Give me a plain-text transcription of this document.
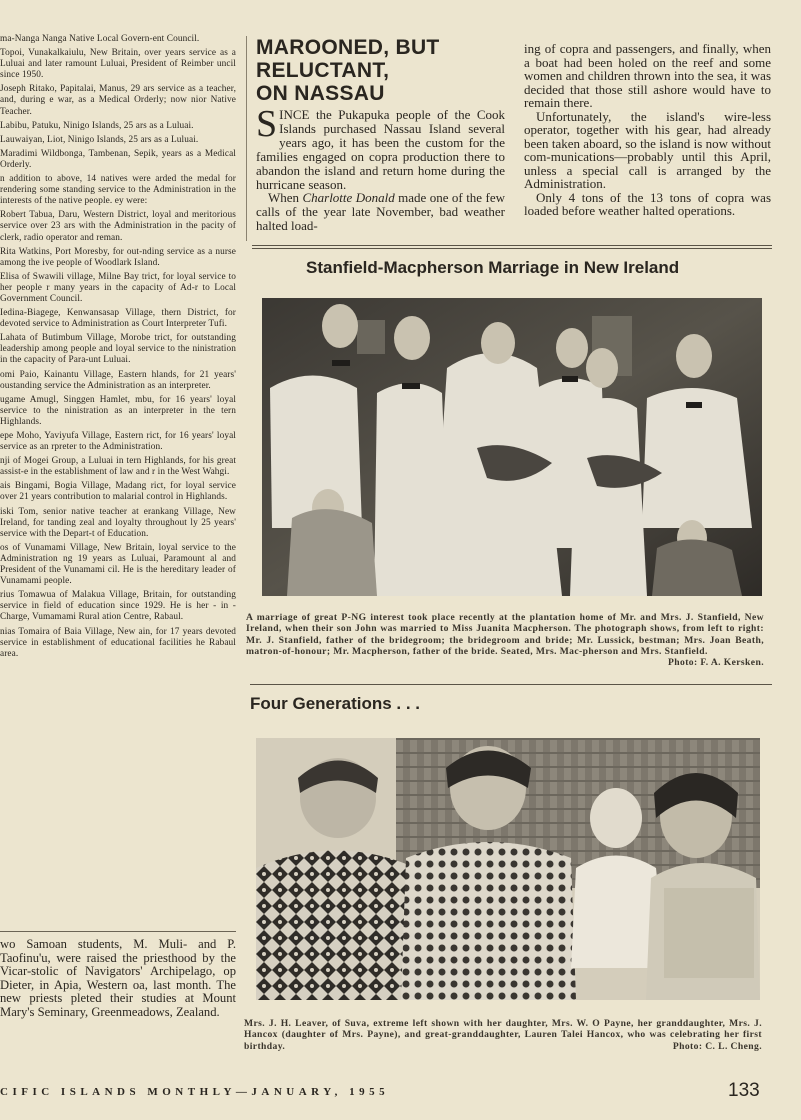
ma-Nanga Nanga Native Local Govern-ent Council.

Topoi, Vunakalkaiulu, New Britain, over years service as a Luluai and later ramount Luluai, President of Reimber uncil since 1950.

Joseph Ritako, Papitalai, Manus, 29 ars service as a teacher, and, during e war, as a Medical Orderly; now nior Native Teacher.

Labibu, Patuku, Ninigo Islands, 25 ars as a Luluai.

Lauwaiyan, Liot, Ninigo Islands, 25 ars as a Luluai.

Maradimi Wildbonga, Tambenan, Sepik, years as a Medical Orderly.

n addition to above, 14 natives were arded the medal for rendering some standing service to the Administration in the interests of the native people. ey were:

Robert Tabua, Daru, Western District, loyal and meritorious service over 23 ars with the Administration in the pacity of clerk, radio operator and reman.

Rita Watkins, Port Moresby, for out-nding service as a nurse among the ive people of Woodlark Island.

Elisa of Swawili village, Milne Bay trict, for loyal service to her people r many years in the capacity of Ad-r to Local Government Council.

Iedina-Biagege, Kenwansasap Village, thern District, for devoted service to Administration as Court Interpreter Tufi.

Lahata of Butimbum Village, Morobe trict, for outstanding leadership among people and loyal service to the ninistration in the capacity of Para-unt Luluai.

omi Paio, Kainantu Village, Eastern hlands, for 21 years' oustanding service the Administration as an interpreter.

ugame Amugl, Singgen Hamlet, mbu, for 16 years' loyal service to the ninistration as an interpreter in the tern Highlands.

epe Moho, Yaviyufa Village, Eastern rict, for 16 years' loyal service as an rpreter to the Administration.

nji of Mogei Group, a Luluai in tern Highlands, for his great assist-e in the establishment of law and r in the West Wahgi.

ais Bingami, Bogia Village, Madang rict, for loyal service over 21 years contribution to malarial control in Highlands.

iski Tom, senior native teacher at erankang Village, New Ireland, for tanding zeal and loyalty throughout ly 25 years' service with the Depart-t of Education.

os of Vunamami Village, New Britain, loyal service to the Administration ng 19 years as Luluai, Paramount al and President of the Vunamami cil. He is the hereditary leader of Vunamami people.

rius Tomawua of Malakua Village, Britain, for outstanding service in field of education since 1929. He is her - in - Charge, Vumamami Rural ation Centre, Rabaul.

nias Tomaira of Baia Village, New ain, for 17 years devoted service in establishment of educational facilities he Rabaul area.

wo Samoan students, M. Muli- and P. Taofinu'u, were raised the priesthood by the Vicar-stolic of Navigators' Archipelago, op Dieter, in Apia, Western oa, last month. The new priests pleted their studies at Mount Mary's Seminary, Greenmeadows, Zealand.

MAROONED, BUT
RELUCTANT,
ON NASSAU

SINCE the Pukapuka people of the Cook Islands purchased Nassau Island several years ago, it has been the custom for the families engaged on copra production there to abandon the island and return home during the hurricane season.

When Charlotte Donald made one of the few calls of the year late November, bad weather halted load-

ing of copra and passengers, and finally, when a boat had been holed on the reef and some women and children thrown into the sea, it was decided that those still ashore would have to remain there.

Unfortunately, the island's wire-less operator, together with his gear, had already been taken aboard, so the island is now without com-munications—probably until this April, unless a special call is arranged by the Administration.

Only 4 tons of the 13 tons of copra was loaded before weather halted operations.

Stanfield-Macpherson Marriage in New Ireland

A marriage of great P-NG interest took place recently at the plantation home of Mr. and Mrs. J. Stanfield, New Ireland, when their son John was married to Miss Juanita Macpherson. The photograph shows, from left to right: Mr. J. Stanfield, father of the bridegroom; the bridegroom and bride; Mr. Lussick, bestman; Mrs. Joan Beath, matron-of-honour; Mr. Macpherson, father of the bride. Seated, Mrs. Mac-pherson and Mrs. Stanfield.
Photo: F. A. Kersken.

Four Generations . . .

Mrs. J. H. Leaver, of Suva, extreme left shown with her daughter, Mrs. W. O Payne, her granddaughter, Mrs. J. Hancox (daughter of Mrs. Payne), and great-granddaughter, Lauren Talei Hancox, who was celebrating her first birthday.	Photo: C. L. Cheng.

CIFIC ISLANDS MONTHLY—JANUARY, 1955	133
